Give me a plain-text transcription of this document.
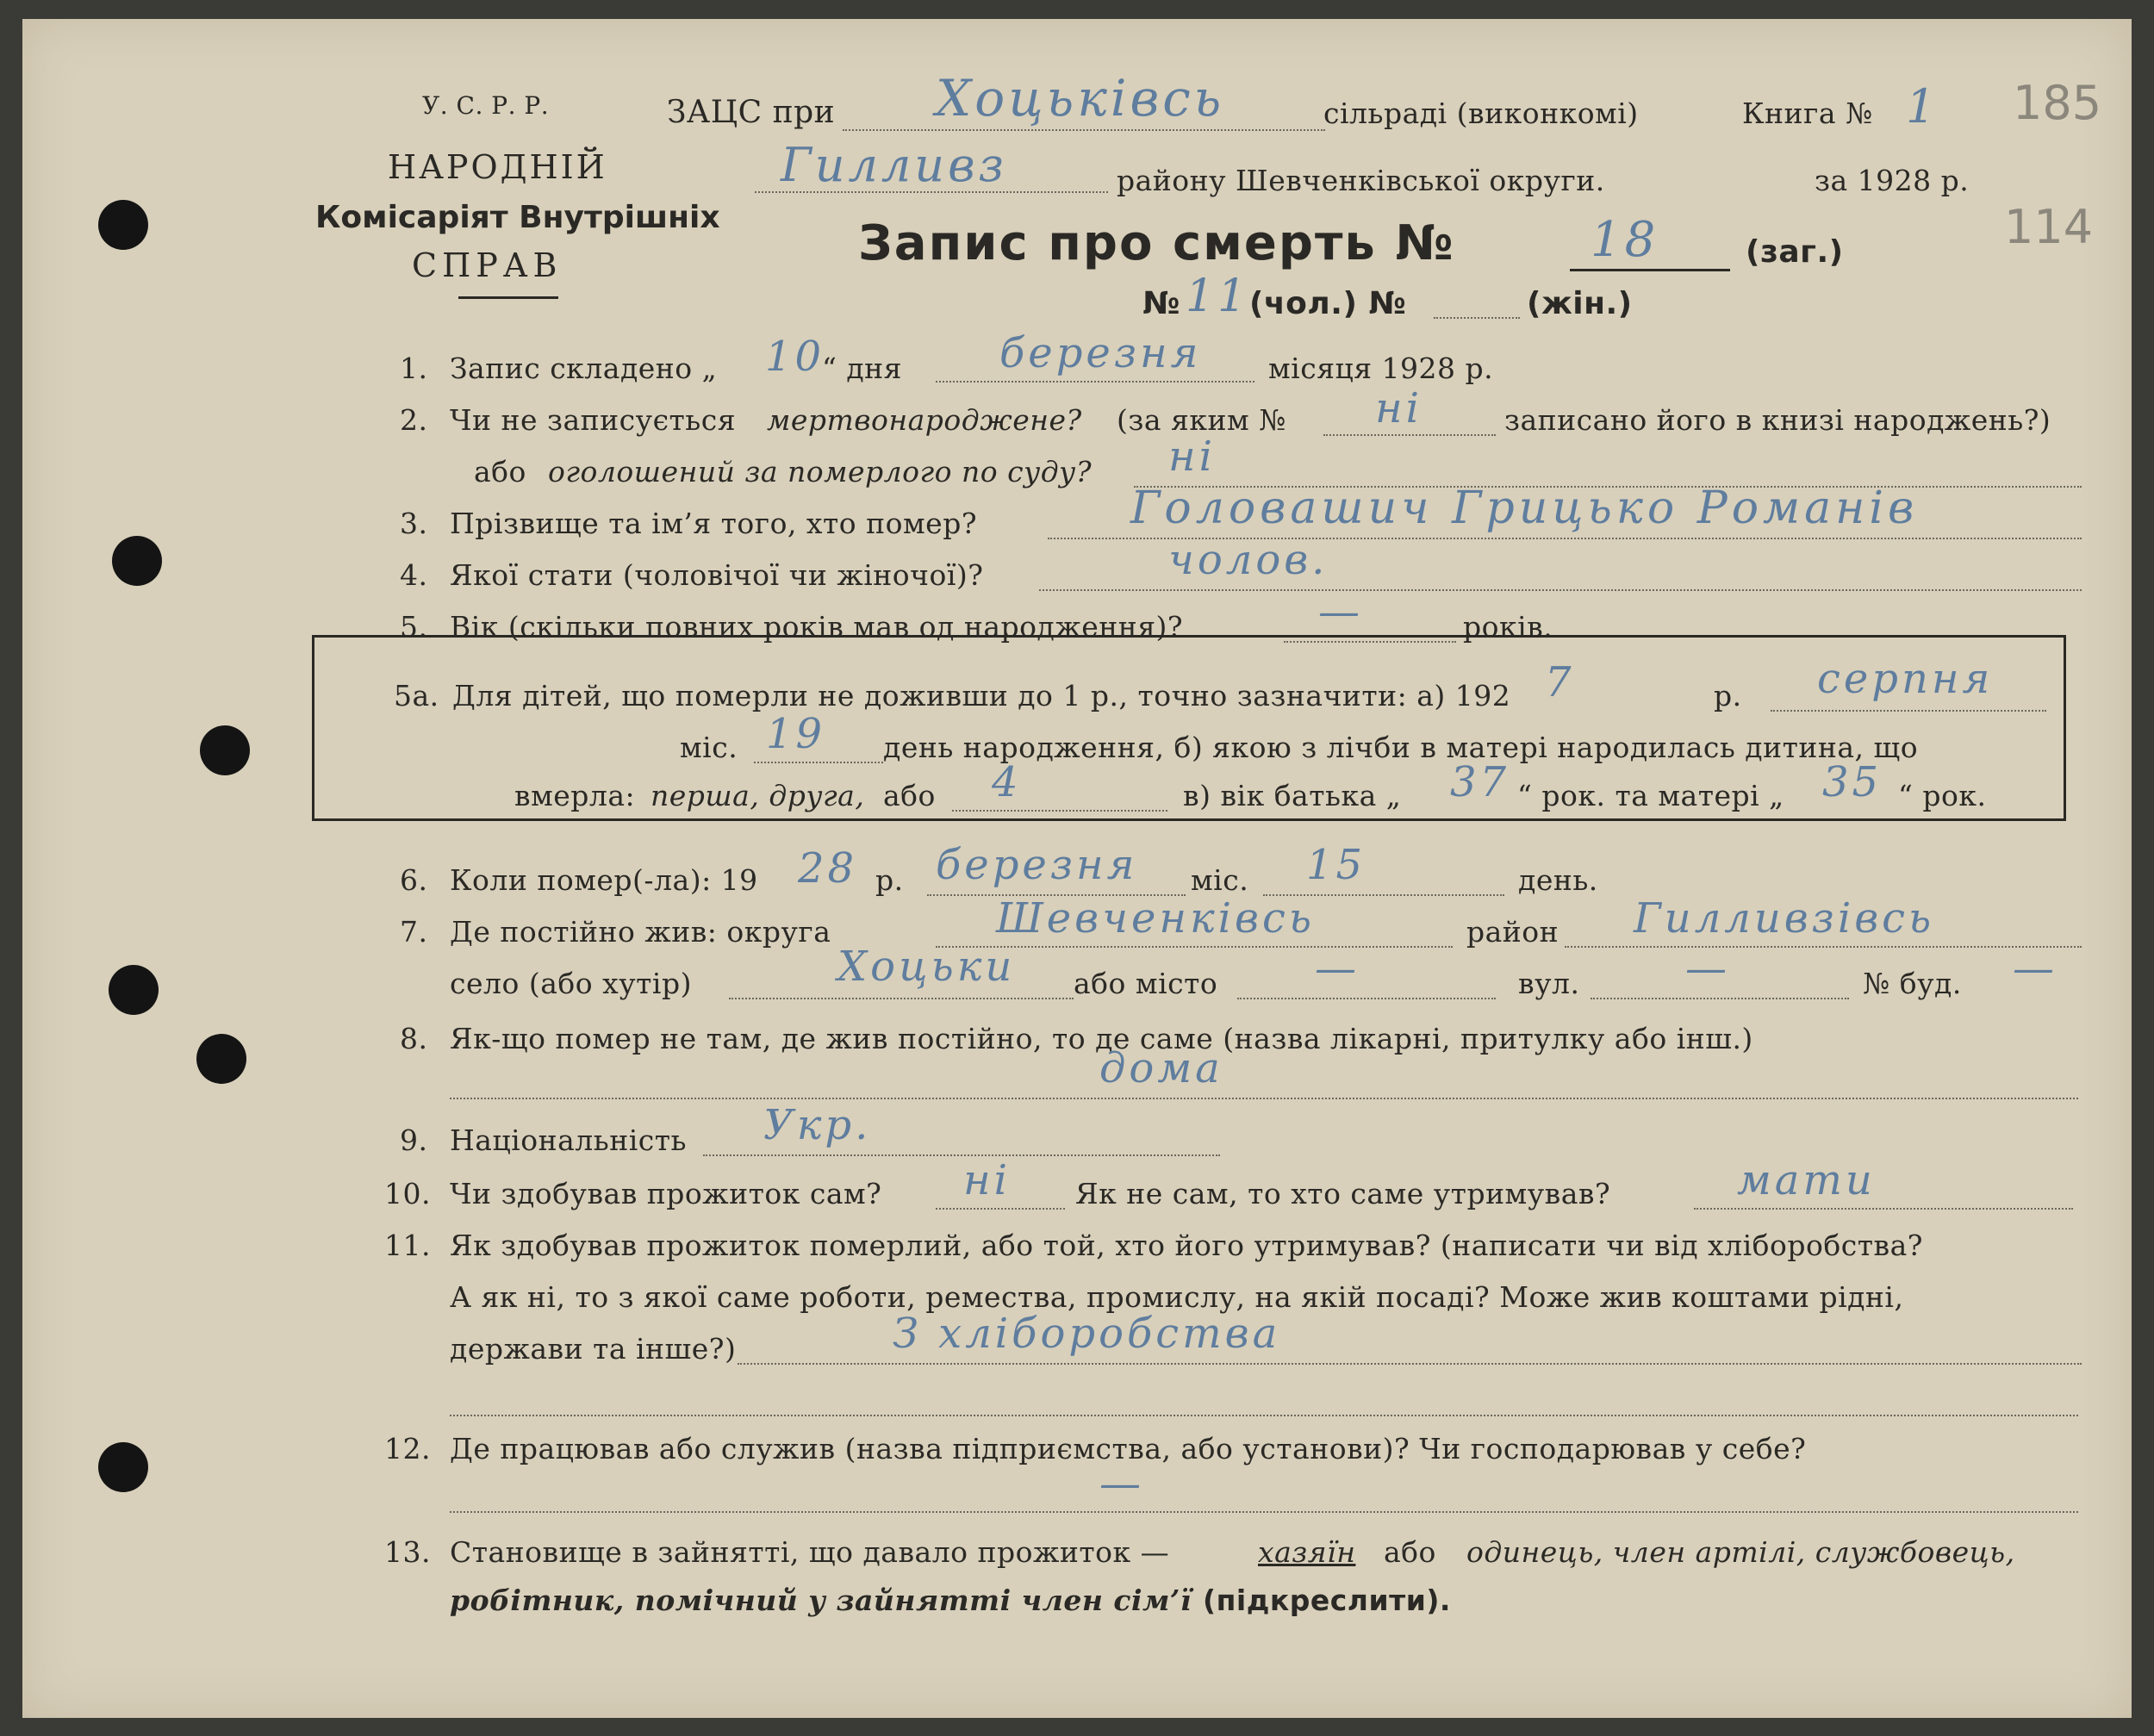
У. С. Р. Р.
НАРОДНІЙ
Комісаріят Внутрішніх
СПРАВ
ЗАЦС при Хоцьківсь	сільраді (виконкомі)	Книга № 1 185
114
Гилливз	району Шевченківської округи.	за 1928 р.
Запис про смерть №	18	(заг.)
№ 11 (чол.) №	(жін.)
1. Запис складено „ 10
“ дня березня місяця 1928 р.
2. Чи не записується мертвонароджене? (за яким № ні	записано його в книзі народжень?)
або оголошений за померлого по суду? ні
3. Прізвище та ім’я того, хто помер?	Головашич Грицько Романів
4. Якої стати (чоловічої чи жіночої)?	чолов.
5. Вік (скільки повних років мав од народження)?	—	років.
5а. Для дітей, що померли не доживши до 1 р., точно зазначити: а) 192 7	р. серпня
міс. 19 день народження, б) якою з лічби в матері народилась дитина, що
вмерла: перша, друга, або 4	в) вік батька „ 37 “ рок. та матері „ 35 “ рок.
6. Коли помер(-ла): 19 28 р. березня міс. 15	день.
7. Де постійно жив: округа	Шевченківсь	район Гилливзівсь
село (або хутір)	Хоцьки або місто —	вул.	—	№ буд. —
8. Як-що помер не там, де жив постійно, то де саме (назва лікарні, притулку або інш.)
дома
9. Національність Укр.
10. Чи здобував прожиток сам? ні Як не сам, то хто саме утримував?	мати
11. Як здобував прожиток померлий, або той, хто його утримував? (написати чи від хліборобства?
А як ні, то з якої саме роботи, ремества, промислу, на якій посаді? Може жив коштами рідні,
держави та інше?)	З хліборобства
12. Де працював або служив (назва підприємства, або установи)? Чи господарював у себе?
—
13. Становище в зайнятті, що давало прожиток —	хазяїн або одинець, член артілі, службовець,
робітник, помічний у зайнятті член сім’ї (підкреслити).
